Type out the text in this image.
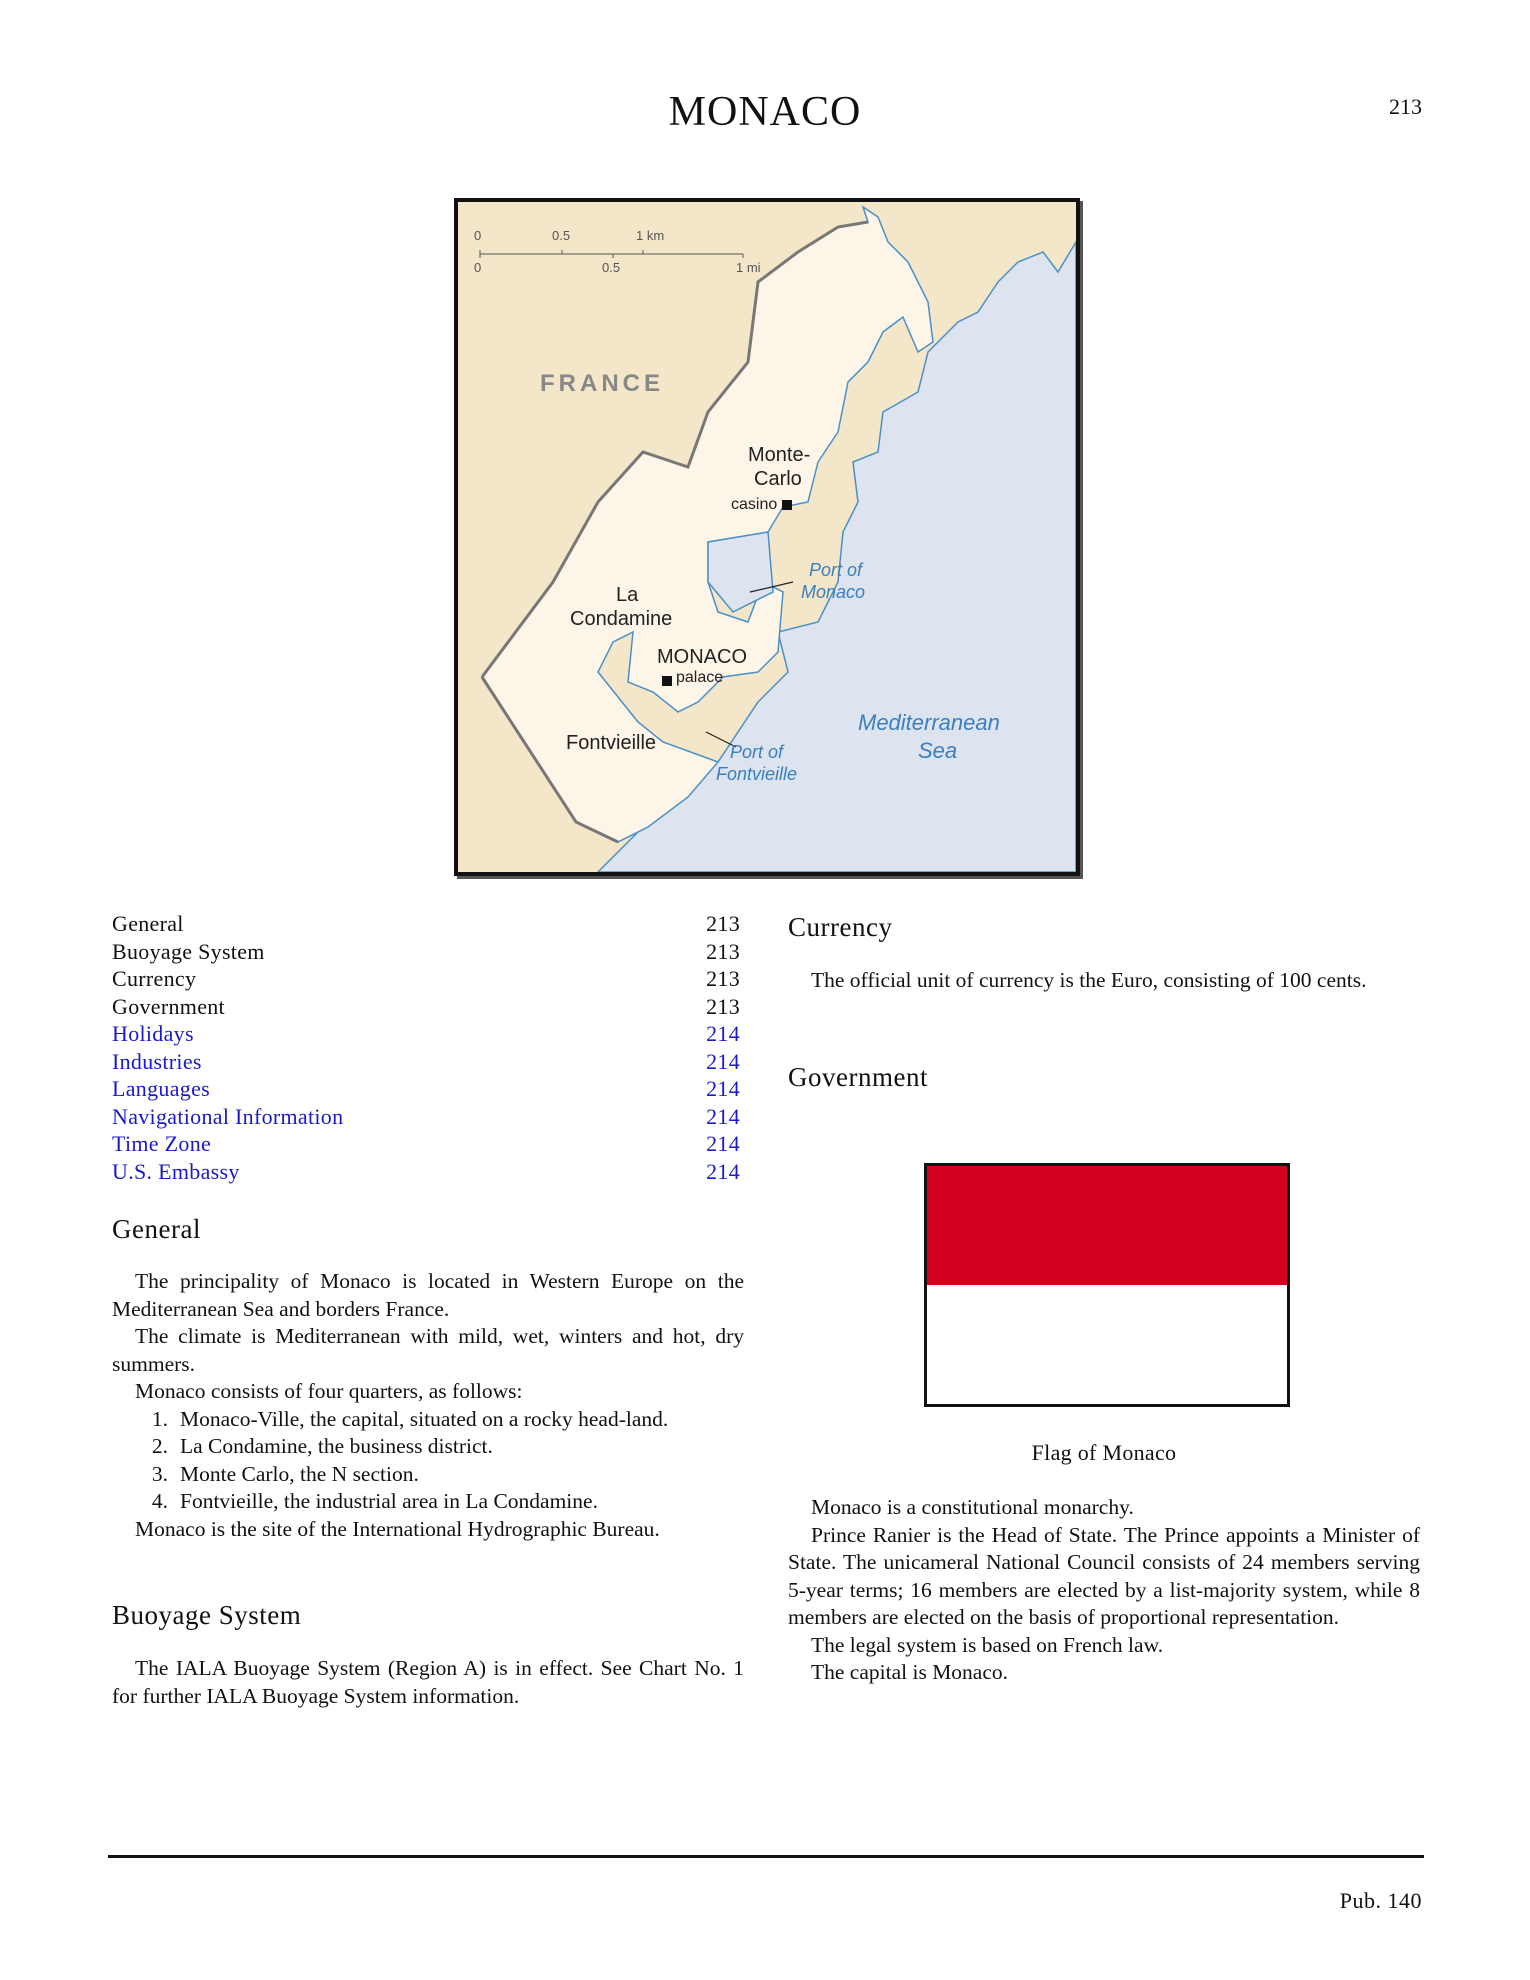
MONACO	213
0	0.5	1 km
0	0.5	1 mi
FRANCE
Monte-
Carlo
casino
La
Condamine
MONACO
palace
Fontvieille
Port of
Monaco
Port of
Fontvieille
Mediterranean
Sea
General	213
Buoyage System	213
Currency	213
Government	213
Holidays	214
Industries	214
Languages	214
Navigational Information	214
Time Zone	214
U.S. Embassy	214
General
The principality of Monaco is located in Western Europe on the Mediterranean Sea and borders France.
The climate is Mediterranean with mild, wet, winters and hot, dry summers.
Monaco consists of four quarters, as follows:
1. Monaco-Ville, the capital, situated on a rocky head-land.
2. La Condamine, the business district.
3. Monte Carlo, the N section.
4. Fontvieille, the industrial area in La Condamine.
Monaco is the site of the International Hydrographic Bureau.
Buoyage System
The IALA Buoyage System (Region A) is in effect. See Chart No. 1 for further IALA Buoyage System information.
Currency
The official unit of currency is the Euro, consisting of 100 cents.
Government
Flag of Monaco
Monaco is a constitutional monarchy.
Prince Ranier is the Head of State. The Prince appoints a Minister of State. The unicameral National Council consists of 24 members serving 5-year terms; 16 members are elected by a list-majority system, while 8 members are elected on the basis of proportional representation.
The legal system is based on French law.
The capital is Monaco.
Pub. 140
